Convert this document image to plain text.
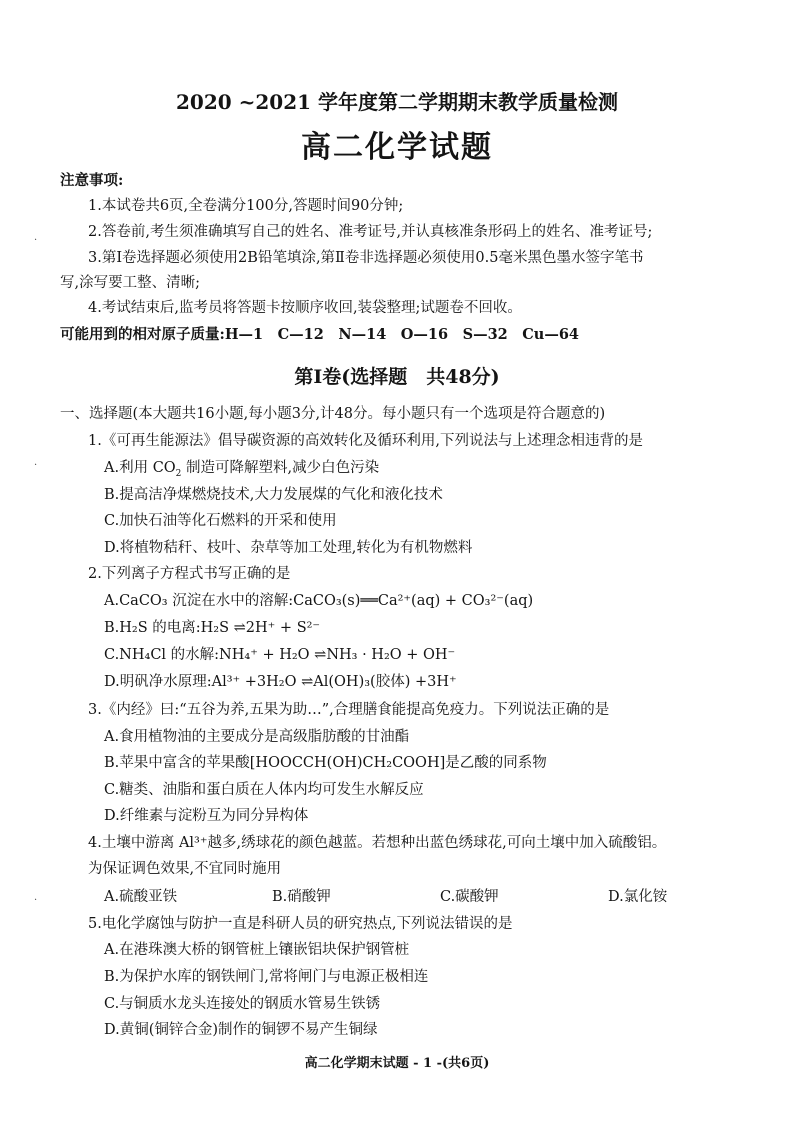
2020 ~2021 学年度第二学期期末教学质量检测
高二化学试题
注意事项:
1.本试卷共6页,全卷满分100分,答题时间90分钟;
2.答卷前,考生须准确填写自己的姓名、准考证号,并认真核准条形码上的姓名、准考证号;
3.第Ⅰ卷选择题必须使用2B铅笔填涂,第Ⅱ卷非选择题必须使用0.5毫米黑色墨水签字笔书
写,涂写要工整、清晰;
4.考试结束后,监考员将答题卡按顺序收回,装袋整理;试题卷不回收。
可能用到的相对原子质量:H—1　C—12　N—14　O—16　S—32　Cu—64
第Ⅰ卷(选择题　共48分)
一、选择题(本大题共16小题,每小题3分,计48分。每小题只有一个选项是符合题意的)
1.《可再生能源法》倡导碳资源的高效转化及循环利用,下列说法与上述理念相违背的是
A.利用 $CO_2$ 制造可降解塑料,减少白色污染
B.提高洁净煤燃烧技术,大力发展煤的气化和液化技术
C.加快石油等化石燃料的开采和使用
D.将植物秸秆、枝叶、杂草等加工处理,转化为有机物燃料
2.下列离子方程式书写正确的是
A.CaCO₃ 沉淀在水中的溶解:CaCO₃(s)══Ca²⁺(aq) + CO₃²⁻(aq)
B.H₂S 的电离:H₂S ⇌2H⁺ + S²⁻
C.NH₄Cl 的水解:NH₄⁺ + H₂O ⇌NH₃ · H₂O + OH⁻
D.明矾净水原理:Al³⁺ +3H₂O ⇌Al(OH)₃(胶体) +3H⁺
3.《内经》曰:“五谷为养,五果为助…”,合理膳食能提高免疫力。下列说法正确的是
A.食用植物油的主要成分是高级脂肪酸的甘油酯
B.苹果中富含的苹果酸[HOOCCH(OH)CH₂COOH]是乙酸的同系物
C.糖类、油脂和蛋白质在人体内均可发生水解反应
D.纤维素与淀粉互为同分异构体
4.土壤中游离 Al³⁺越多,绣球花的颜色越蓝。若想种出蓝色绣球花,可向土壤中加入硫酸铝。
为保证调色效果,不宜同时施用
A.硫酸亚铁	B.硝酸钾	C.碳酸钾	D.氯化铵
5.电化学腐蚀与防护一直是科研人员的研究热点,下列说法错误的是
A.在港珠澳大桥的钢管桩上镶嵌铝块保护钢管桩
B.为保护水库的钢铁闸门,常将闸门与电源正极相连
C.与铜质水龙头连接处的钢质水管易生铁锈
D.黄铜(铜锌合金)制作的铜锣不易产生铜绿
高二化学期末试题 - 1 -(共6页)
·
·
·
